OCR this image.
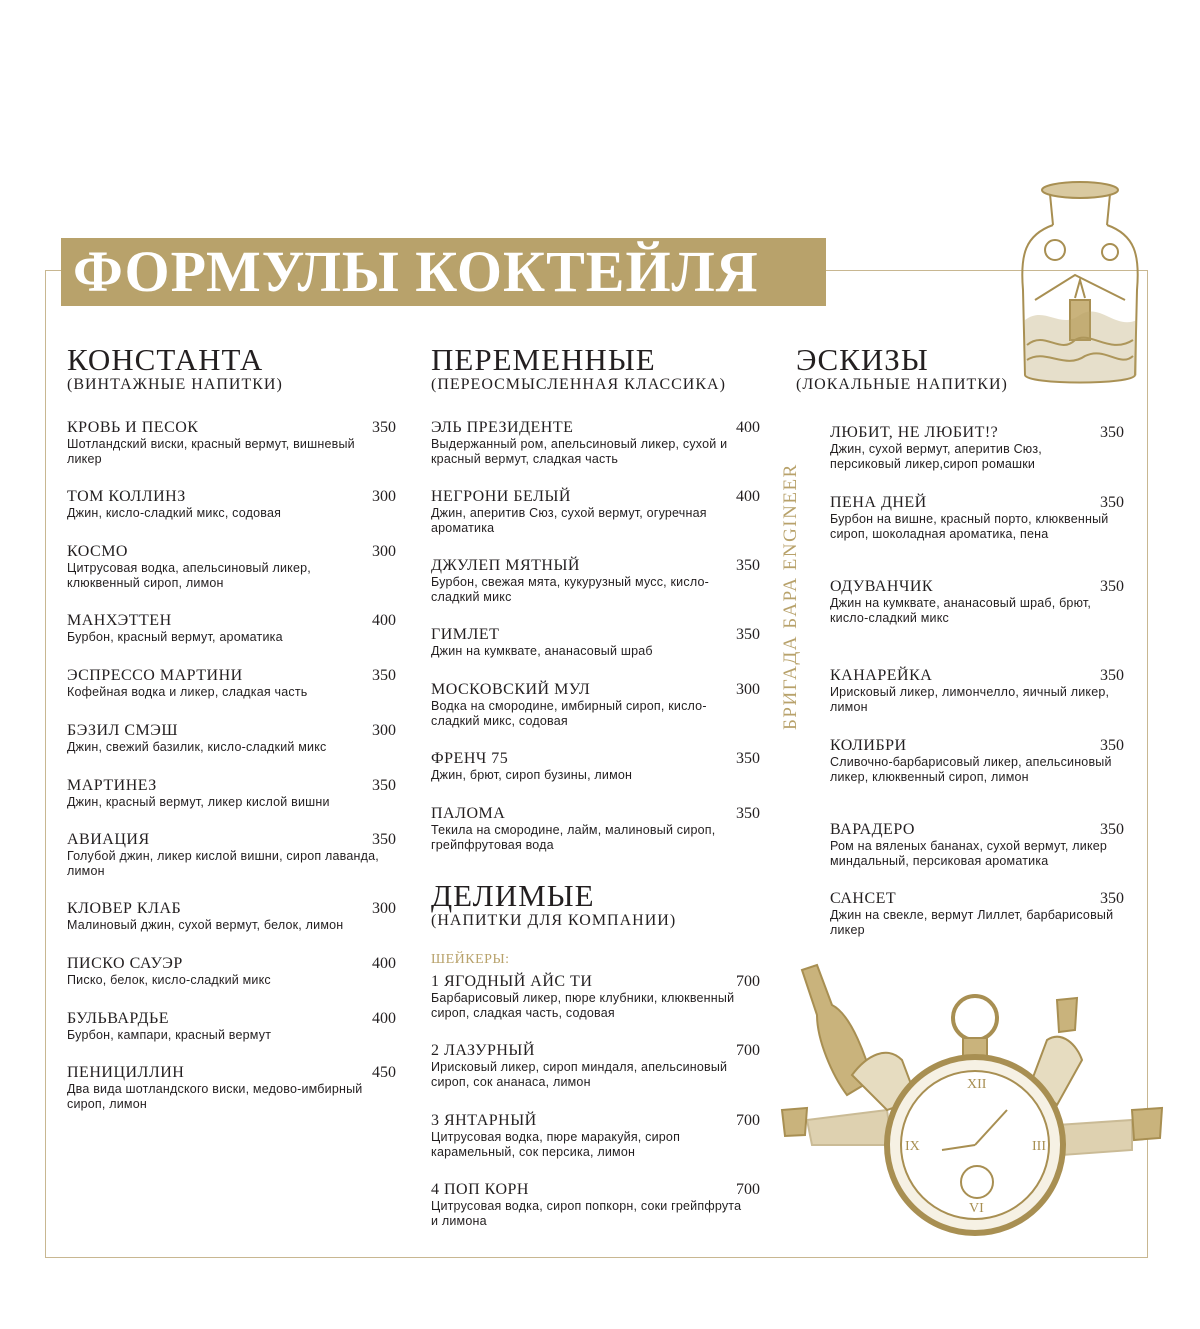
ФОРМУЛЫ КОКТЕЙЛЯ
XII
III
VI
IX
БРИГАДА БАРА ENGINEER
КОНСТАНТА
(ВИНТАЖНЫЕ НАПИТКИ)
КРОВЬ И ПЕСОК	350
Шотландский виски, красный вермут, вишневый ликер
ТОМ КОЛЛИНЗ	300
Джин, кисло-сладкий микс, содовая
КОСМО	300
Цитрусовая водка, апельсиновый ликер, клюквенный сироп, лимон
МАНХЭТТЕН	400
Бурбон, красный вермут, ароматика
ЭСПРЕССО МАРТИНИ	350
Кофейная водка и ликер, сладкая часть
БЭЗИЛ СМЭШ	300
Джин, свежий базилик, кисло-сладкий микс
МАРТИНЕЗ	350
Джин, красный вермут, ликер кислой вишни
АВИАЦИЯ	350
Голубой джин, ликер кислой вишни, сироп лаванда, лимон
КЛОВЕР КЛАБ	300
Малиновый джин, сухой вермут, белок, лимон
ПИСКО САУЭР	400
Писко, белок, кисло-сладкий микс
БУЛЬВАРДЬЕ	400
Бурбон, кампари, красный вермут
ПЕНИЦИЛЛИН	450
Два вида шотландского виски, медово-имбирный сироп, лимон
ПЕРЕМЕННЫЕ
(ПЕРЕОСМЫСЛЕННАЯ КЛАССИКА)
ЭЛЬ ПРЕЗИДЕНТЕ	400
Выдержанный ром, апельсиновый ликер, сухой и красный вермут, сладкая часть
НЕГРОНИ БЕЛЫЙ	400
Джин, аперитив Сюз, сухой вермут, огуречная ароматика
ДЖУЛЕП МЯТНЫЙ	350
Бурбон, свежая мята, кукурузный мусс, кисло-сладкий микс
ГИМЛЕТ	350
Джин на кумквате, ананасовый шраб
МОСКОВСКИЙ МУЛ	300
Водка на смородине, имбирный сироп, кисло-сладкий микс, содовая
ФРЕНЧ 75	350
Джин, брют, сироп бузины, лимон
ПАЛОМА	350
Текила на смородине, лайм, малиновый сироп, грейпфрутовая вода
ДЕЛИМЫЕ
(НАПИТКИ ДЛЯ КОМПАНИИ)
ШЕЙКЕРЫ:
1 ЯГОДНЫЙ АЙС ТИ	700
Барбарисовый ликер, пюре клубники, клюквенный сироп, сладкая часть, содовая
2 ЛАЗУРНЫЙ	700
Ирисковый ликер, сироп миндаля, апельсиновый сироп, сок ананаса, лимон
3 ЯНТАРНЫЙ	700
Цитрусовая водка, пюре маракуйя, сироп карамельный, сок персика, лимон
4 ПОП КОРН	700
Цитрусовая водка, сироп попкорн, соки грейпфрута и лимона
ЭСКИЗЫ
(ЛОКАЛЬНЫЕ НАПИТКИ)
ЛЮБИТ, НЕ ЛЮБИТ!?	350
Джин, сухой вермут, аперитив Сюз, персиковый ликер,сироп ромашки
ПЕНА ДНЕЙ	350
Бурбон на вишне, красный порто, клюквенный сироп, шоколадная ароматика, пена
ОДУВАНЧИК	350
Джин на кумквате, ананасовый шраб, брют, кисло-сладкий микс
КАНАРЕЙКА	350
Ирисковый ликер, лимончелло, яичный ликер, лимон
КОЛИБРИ	350
Сливочно-барбарисовый ликер, апельсиновый ликер, клюквенный сироп, лимон
ВАРАДЕРО	350
Ром на вяленых бананах, сухой вермут, ликер миндальный, персиковая ароматика
САНСЕТ	350
Джин на свекле, вермут Лиллет, барбарисовый ликер
